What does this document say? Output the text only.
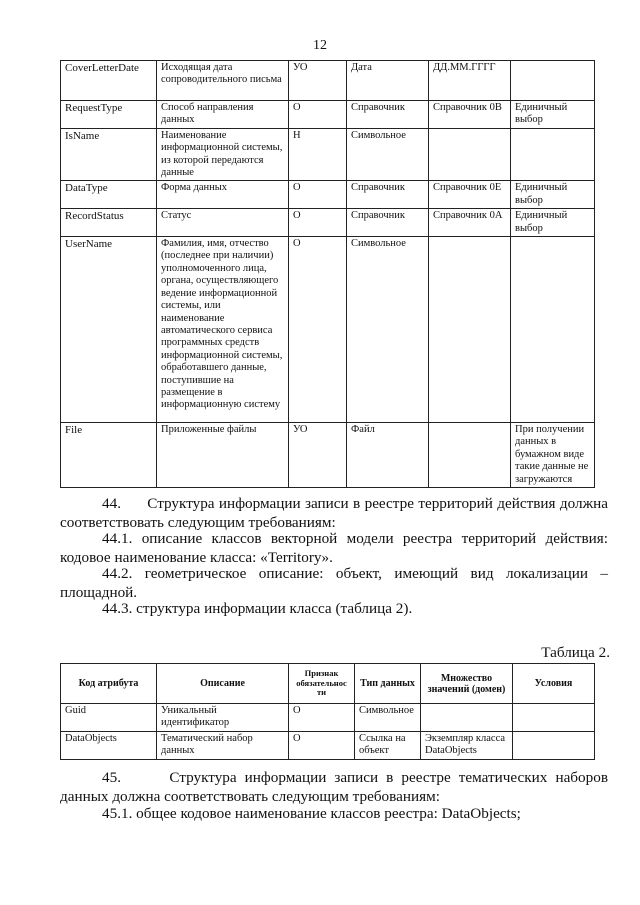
12
CoverLetterDate	Исходящая дата сопроводительного письма	УО	Дата	ДД.ММ.ГГГГ	
RequestType	Способ направления данных	О	Справочник	Справочник 0В	Единичный выбор
IsName	Наименование информационной системы, из которой передаются данные	Н	Символьное		
DataType	Форма данных	О	Справочник	Справочник 0Е	Единичный выбор
RecordStatus	Статус	О	Справочник	Справочник 0А	Единичный выбор
UserName	Фамилия, имя, отчество (последнее при наличии) уполномоченного лица, органа, осуществляющего ведение информационной системы, или наименование автоматического сервиса программных средств информационной системы, обработавшего данные, поступившие на размещение в информационную систему	О	Символьное		
File	Приложенные файлы	УО	Файл		При получении данных в бумажном виде такие данные не загружаются
44.      Структура информации записи в реестре территорий действия должна соответствовать следующим требованиям:
44.1. описание классов векторной модели реестра территорий действия: кодовое наименование класса: «Territory».
44.2. геометрическое описание: объект, имеющий вид локализации – площадной.
44.3. структура информации класса (таблица 2).
Таблица 2.
Код атрибута	Описание	Признак обязательнос ти	Тип данных	Множество значений (домен)	Условия
Guid	Уникальный идентификатор	О	Символьное		
DataObjects	Тематический набор данных	О	Ссылка на объект	Экземпляр класса DataObjects	
45.      Структура информации записи в реестре тематических наборов данных должна соответствовать следующим требованиям:
45.1. общее кодовое наименование классов реестра: DataObjects;
